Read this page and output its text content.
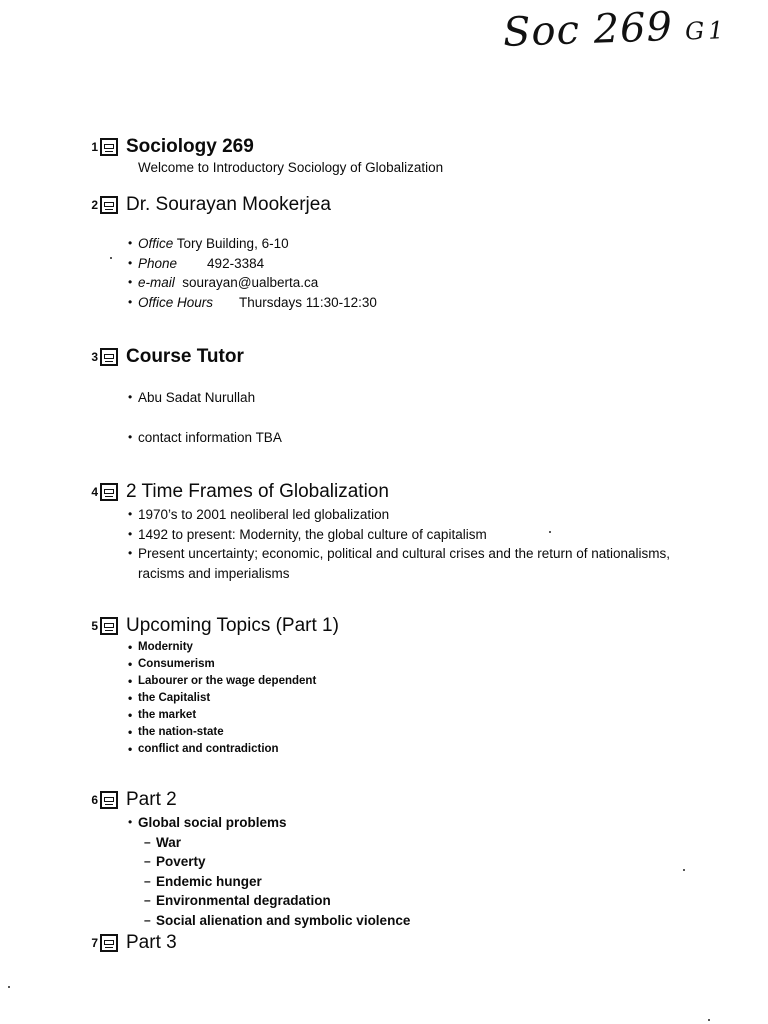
Soc 269 G1
1 Sociology 269
Welcome to Introductory Sociology of Globalization
2 Dr. Sourayan Mookerjea
• Office Tory Building, 6-10
• Phone 492-3384
• e-mail sourayan@ualberta.ca
• Office Hours Thursdays 11:30-12:30
3 Course Tutor
• Abu Sadat Nurullah
• contact information TBA
4 2 Time Frames of Globalization
• 1970’s to 2001 neoliberal led globalization
• 1492 to present: Modernity, the global culture of capitalism
• Present uncertainty; economic, political and cultural crises and the return of nationalisms, racisms and imperialisms
5 Upcoming Topics (Part 1)
• Modernity
• Consumerism
• Labourer or the wage dependent
• the Capitalist
• the market
• the nation-state
• conflict and contradiction
6 Part 2
• Global social problems
– War
– Poverty
– Endemic hunger
– Environmental degradation
– Social alienation and symbolic violence
7 Part 3
